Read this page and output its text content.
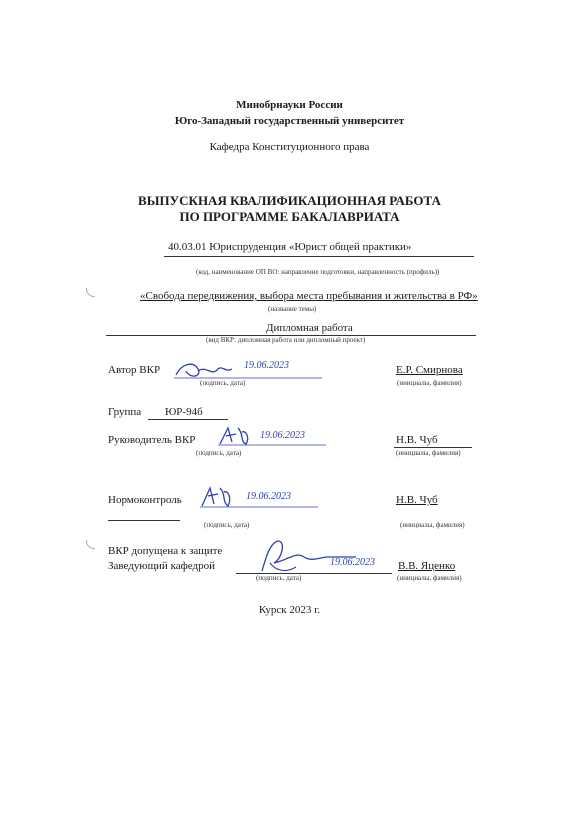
Минобрнауки России
Юго-Западный государственный университет
Кафедра Конституционного права
ВЫПУСКНАЯ КВАЛИФИКАЦИОННАЯ РАБОТА
ПО ПРОГРАММЕ БАКАЛАВРИАТА
40.03.01 Юриспруденция «Юрист общей практики»
(код, наименование ОП ВО: направление подготовки, направленность (профиль))
«Свобода передвижения, выбора места пребывания и жительства в РФ»
(название темы)
Дипломная работа
(вид ВКР: дипломная работа или дипломный проект)
Автор ВКР	19.06.2023
(подпись, дата)
Е.Р. Смирнова
(инициалы, фамилия)
Группа ЮР-94б
Руководитель ВКР	19.06.2023
(подпись, дата)
Н.В. Чуб
(инициалы, фамилия)
Нормоконтроль	19.06.2023
(подпись, дата)
Н.В. Чуб
(инициалы, фамилия)
ВКР допущена к защите
Заведующий кафедрой	19.06.2023
(подпись, дата)
В.В. Яценко
(инициалы, фамилия)
Курск 2023 г.
